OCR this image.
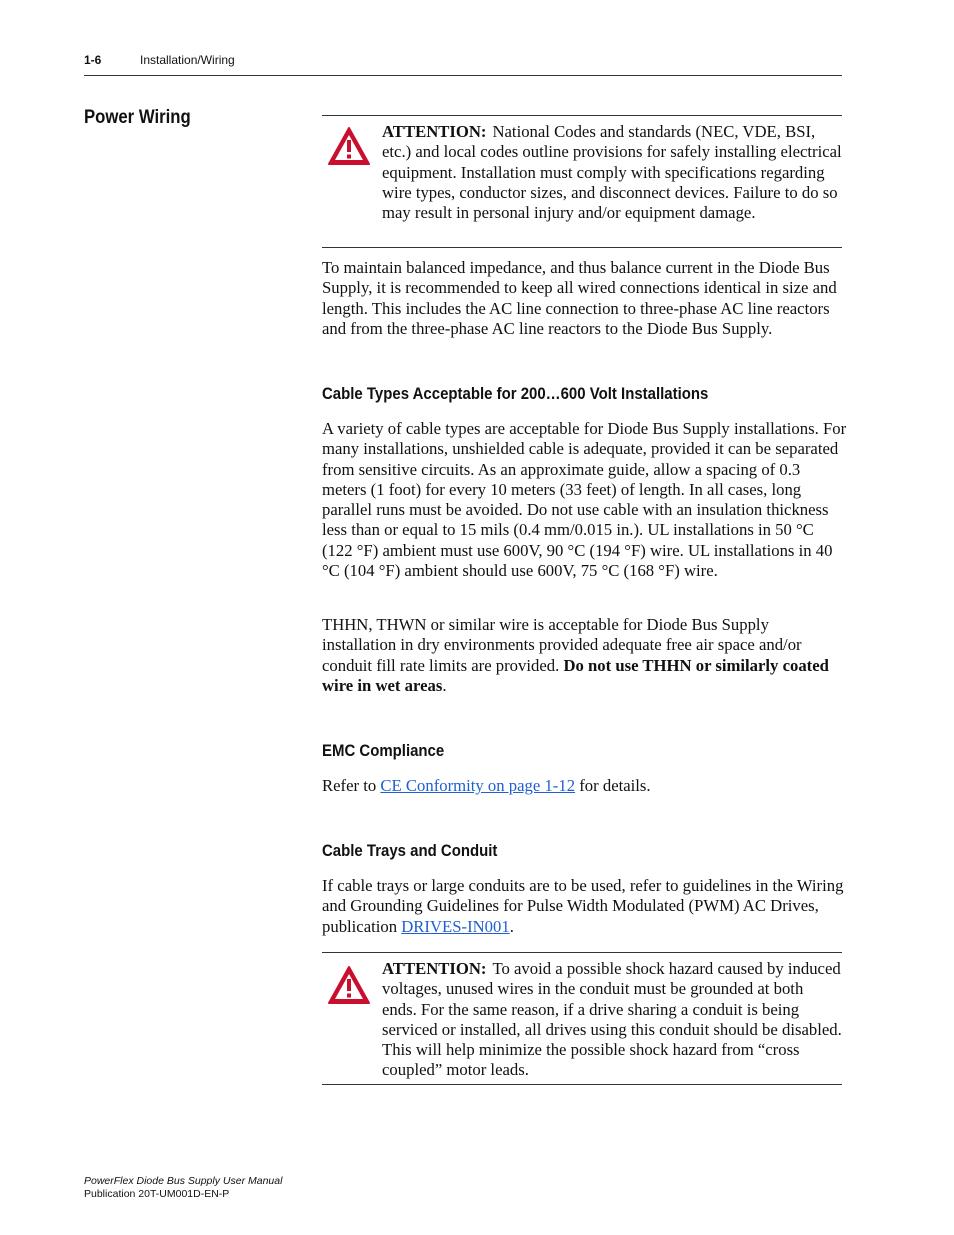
1-6	Installation/Wiring
Power Wiring

ATTENTION: National Codes and standards (NEC, VDE, BSI, etc.) and local codes outline provisions for safely installing electrical equipment. Installation must comply with specifications regarding wire types, conductor sizes, and disconnect devices. Failure to do so may result in personal injury and/or equipment damage.

To maintain balanced impedance, and thus balance current in the Diode Bus Supply, it is recommended to keep all wired connections identical in size and length. This includes the AC line connection to three-phase AC line reactors and from the three-phase AC line reactors to the Diode Bus Supply.

Cable Types Acceptable for 200…600 Volt Installations

A variety of cable types are acceptable for Diode Bus Supply installations. For many installations, unshielded cable is adequate, provided it can be separated from sensitive circuits. As an approximate guide, allow a spacing of 0.3 meters (1 foot) for every 10 meters (33 feet) of length. In all cases, long parallel runs must be avoided. Do not use cable with an insulation thickness less than or equal to 15 mils (0.4 mm/0.015 in.). UL installations in 50 °C (122 °F) ambient must use 600V, 90 °C (194 °F) wire. UL installations in 40 °C (104 °F) ambient should use 600V, 75 °C (168 °F) wire.

THHN, THWN or similar wire is acceptable for Diode Bus Supply installation in dry environments provided adequate free air space and/or conduit fill rate limits are provided. Do not use THHN or similarly coated wire in wet areas.

EMC Compliance

Refer to CE Conformity on page 1-12 for details.

Cable Trays and Conduit

If cable trays or large conduits are to be used, refer to guidelines in the Wiring and Grounding Guidelines for Pulse Width Modulated (PWM) AC Drives, publication DRIVES-IN001.

ATTENTION: To avoid a possible shock hazard caused by induced voltages, unused wires in the conduit must be grounded at both ends. For the same reason, if a drive sharing a conduit is being serviced or installed, all drives using this conduit should be disabled. This will help minimize the possible shock hazard from “cross coupled” motor leads.

PowerFlex Diode Bus Supply User Manual
Publication 20T-UM001D-EN-P
